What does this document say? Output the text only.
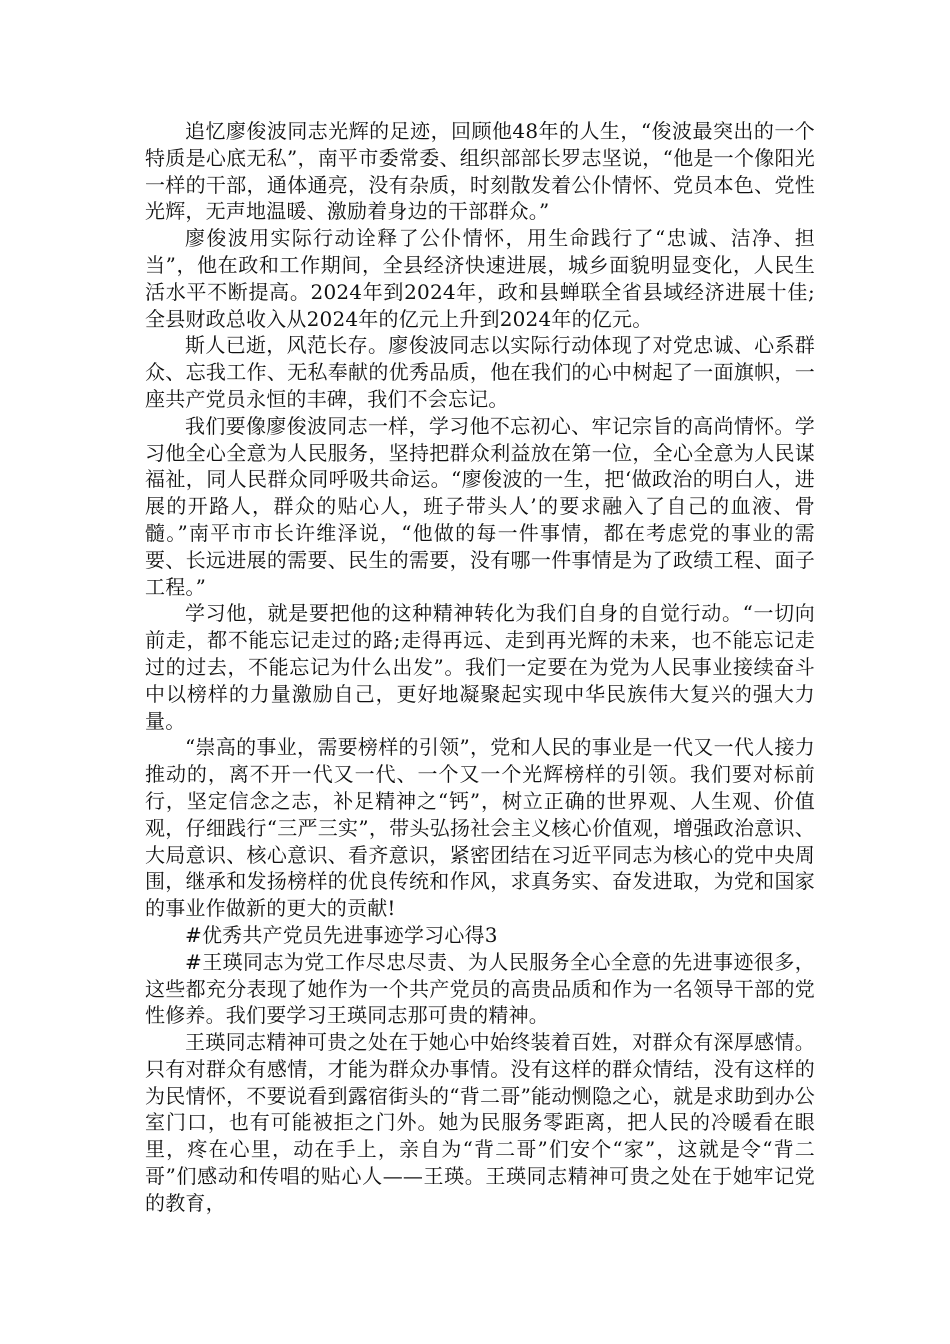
追忆廖俊波同志光辉的足迹，回顾他48年的人生，“俊波最突出的一个特质是心底无私”，南平市委常委、组织部部长罗志坚说，“他是一个像阳光一样的干部，通体通亮，没有杂质，时刻散发着公仆情怀、党员本色、党性光辉，无声地温暖、激励着身边的干部群众。”

廖俊波用实际行动诠释了公仆情怀，用生命践行了“忠诚、洁净、担当”，他在政和工作期间，全县经济快速进展，城乡面貌明显变化，人民生活水平不断提高。2024年到2024年，政和县蝉联全省县域经济进展十佳;全县财政总收入从2024年的亿元上升到2024年的亿元。

斯人已逝，风范长存。廖俊波同志以实际行动体现了对党忠诚、心系群众、忘我工作、无私奉献的优秀品质，他在我们的心中树起了一面旗帜，一座共产党员永恒的丰碑，我们不会忘记。

我们要像廖俊波同志一样，学习他不忘初心、牢记宗旨的高尚情怀。学习他全心全意为人民服务，坚持把群众利益放在第一位，全心全意为人民谋福祉，同人民群众同呼吸共命运。“廖俊波的一生，把‘做政治的明白人，进展的开路人，群众的贴心人，班子带头人’的要求融入了自己的血液、骨髓。”南平市市长许维泽说，“他做的每一件事情，都在考虑党的事业的需要、长远进展的需要、民生的需要，没有哪一件事情是为了政绩工程、面子工程。”

学习他，就是要把他的这种精神转化为我们自身的自觉行动。“一切向前走，都不能忘记走过的路;走得再远、走到再光辉的未来，也不能忘记走过的过去，不能忘记为什么出发”。我们一定要在为党为人民事业接续奋斗中以榜样的力量激励自己，更好地凝聚起实现中华民族伟大复兴的强大力量。

“崇高的事业，需要榜样的引领”，党和人民的事业是一代又一代人接力推动的，离不开一代又一代、一个又一个光辉榜样的引领。我们要对标前行，坚定信念之志，补足精神之“钙”，树立正确的世界观、人生观、价值观，仔细践行“三严三实”，带头弘扬社会主义核心价值观，增强政治意识、大局意识、核心意识、看齐意识，紧密团结在习近平同志为核心的党中央周围，继承和发扬榜样的优良传统和作风，求真务实、奋发进取，为党和国家的事业作做新的更大的贡献!

#优秀共产党员先进事迹学习心得3

#王瑛同志为党工作尽忠尽责、为人民服务全心全意的先进事迹很多，这些都充分表现了她作为一个共产党员的高贵品质和作为一名领导干部的党性修养。我们要学习王瑛同志那可贵的精神。

王瑛同志精神可贵之处在于她心中始终装着百姓，对群众有深厚感情。只有对群众有感情，才能为群众办事情。没有这样的群众情结，没有这样的为民情怀，不要说看到露宿街头的“背二哥”能动恻隐之心，就是求助到办公室门口，也有可能被拒之门外。她为民服务零距离，把人民的冷暖看在眼里，疼在心里，动在手上，亲自为“背二哥”们安个“家”，这就是令“背二哥”们感动和传唱的贴心人——王瑛。王瑛同志精神可贵之处在于她牢记党的教育，
